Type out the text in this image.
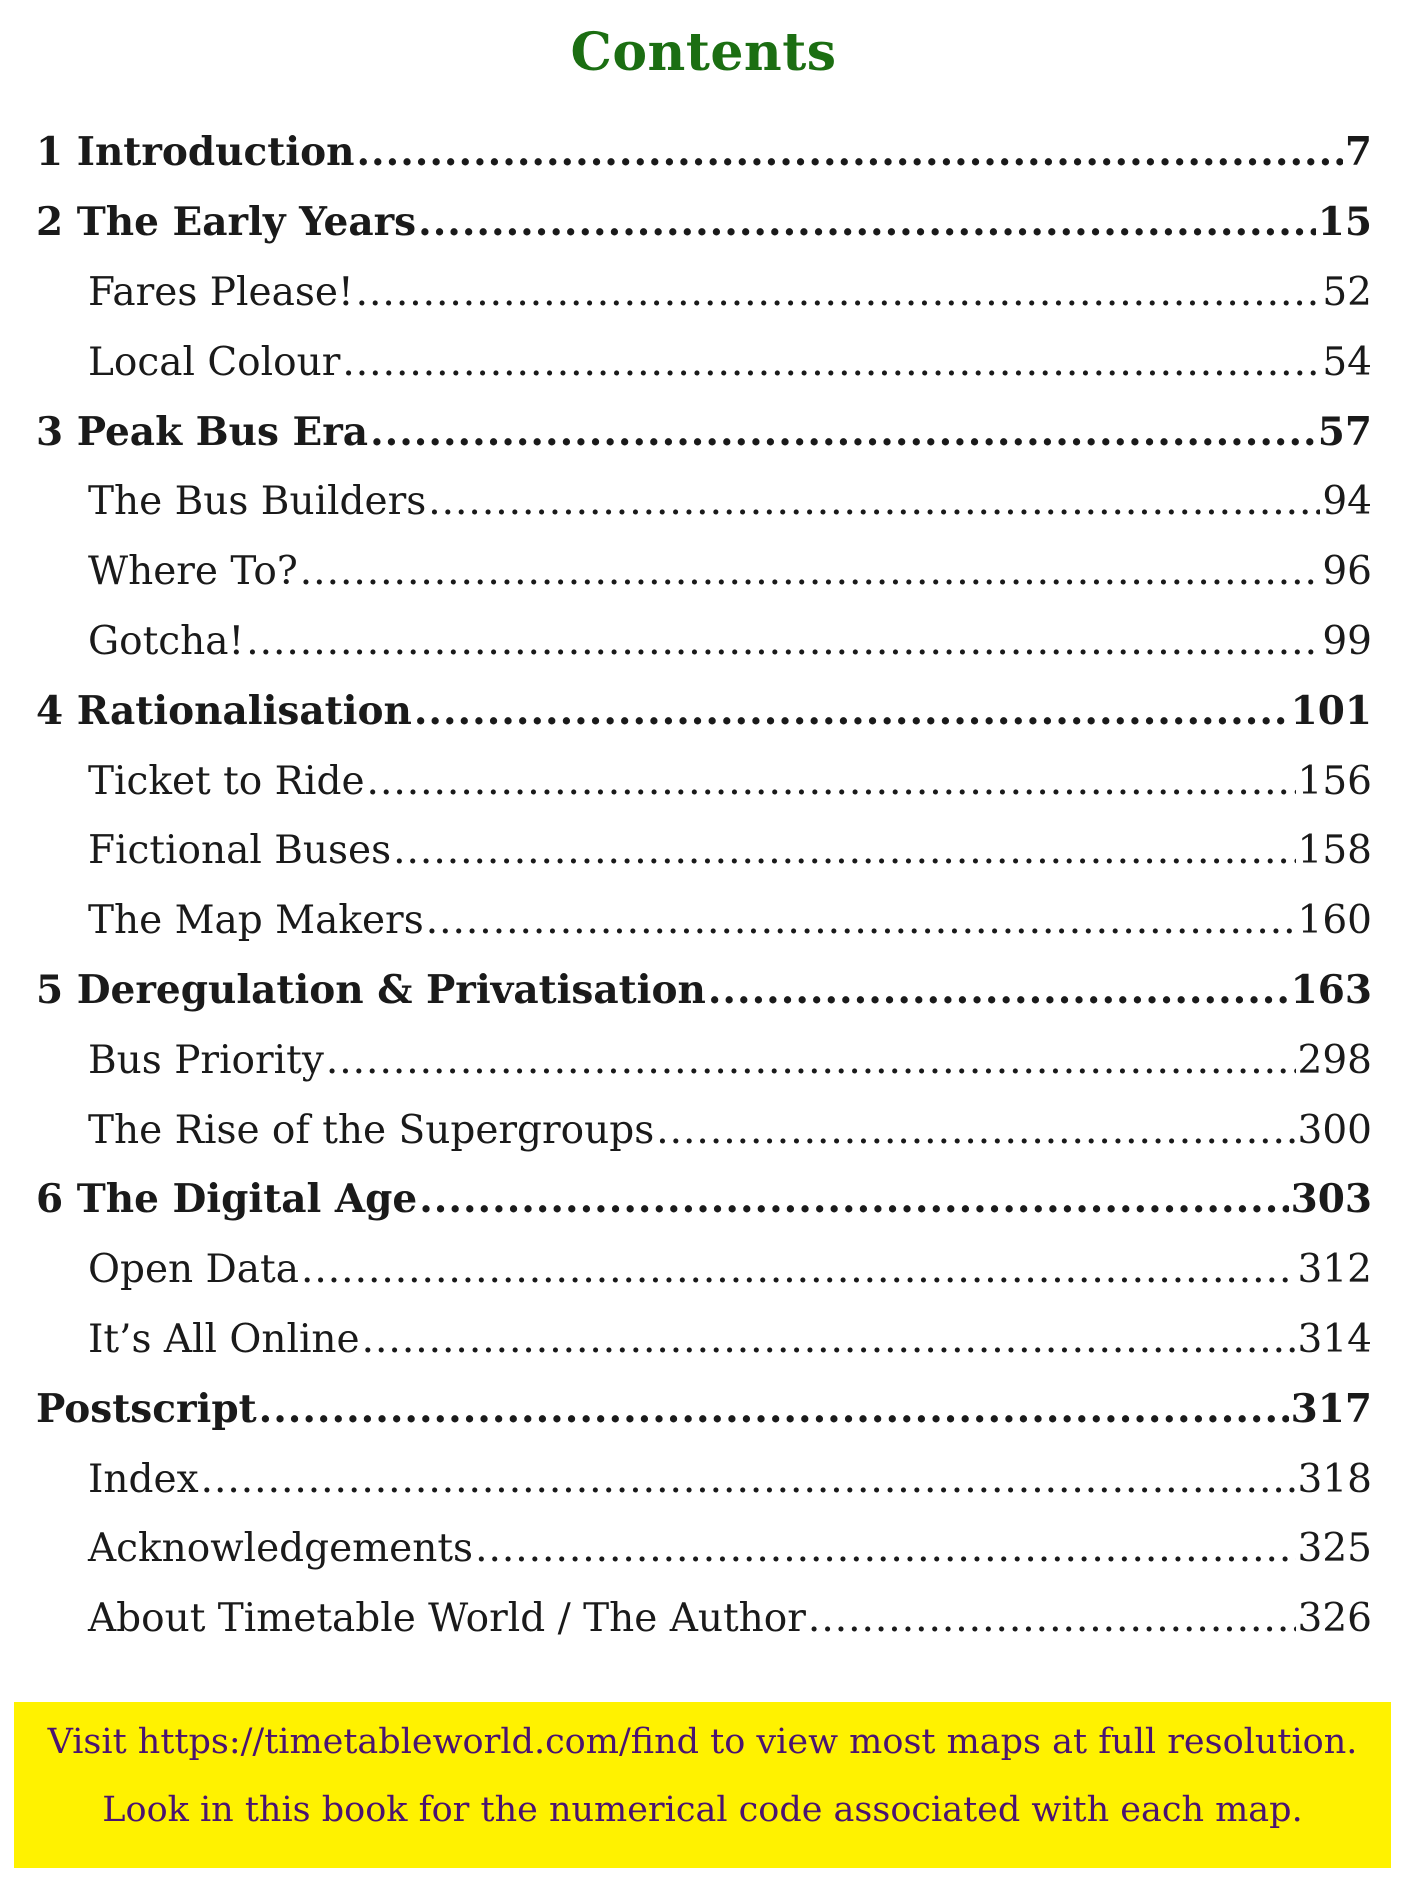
Contents
1 Introduction .....	7
2 The Early Years .....	15
Fares Please! .....	52
Local Colour .....	54
3 Peak Bus Era .....	57
The Bus Builders .....	94
Where To? .....	96
Gotcha! .....	99
4 Rationalisation .....	101
Ticket to Ride .....	156
Fictional Buses .....	158
The Map Makers .....	160
5 Deregulation & Privatisation .....	163
Bus Priority .....	298
The Rise of the Supergroups .....	300
6 The Digital Age .....	303
Open Data .....	312
It’s All Online .....	314
Postscript .....	317
Index .....	318
Acknowledgements .....	325
About Timetable World / The Author .....	326
Visit https://timetableworld.com/find to view most maps at full resolution.
Look in this book for the numerical code associated with each map.
